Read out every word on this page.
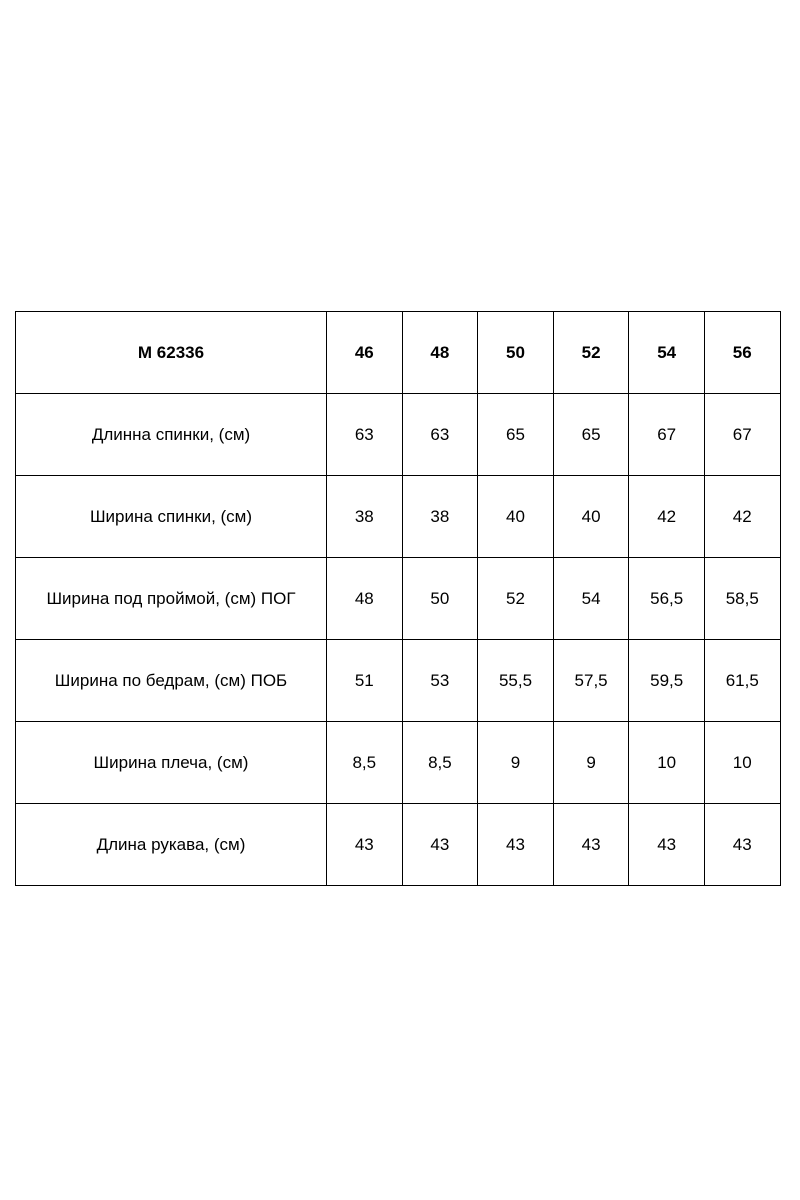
M 62336	46	48	50	52	54	56
Длинна спинки, (см)	63	63	65	65	67	67
Ширина спинки, (см)	38	38	40	40	42	42
Ширина под проймой, (см) ПОГ	48	50	52	54	56,5	58,5
Ширина по бедрам, (см) ПОБ	51	53	55,5	57,5	59,5	61,5
Ширина плеча, (см)	8,5	8,5	9	9	10	10
Длина рукава, (см)	43	43	43	43	43	43
